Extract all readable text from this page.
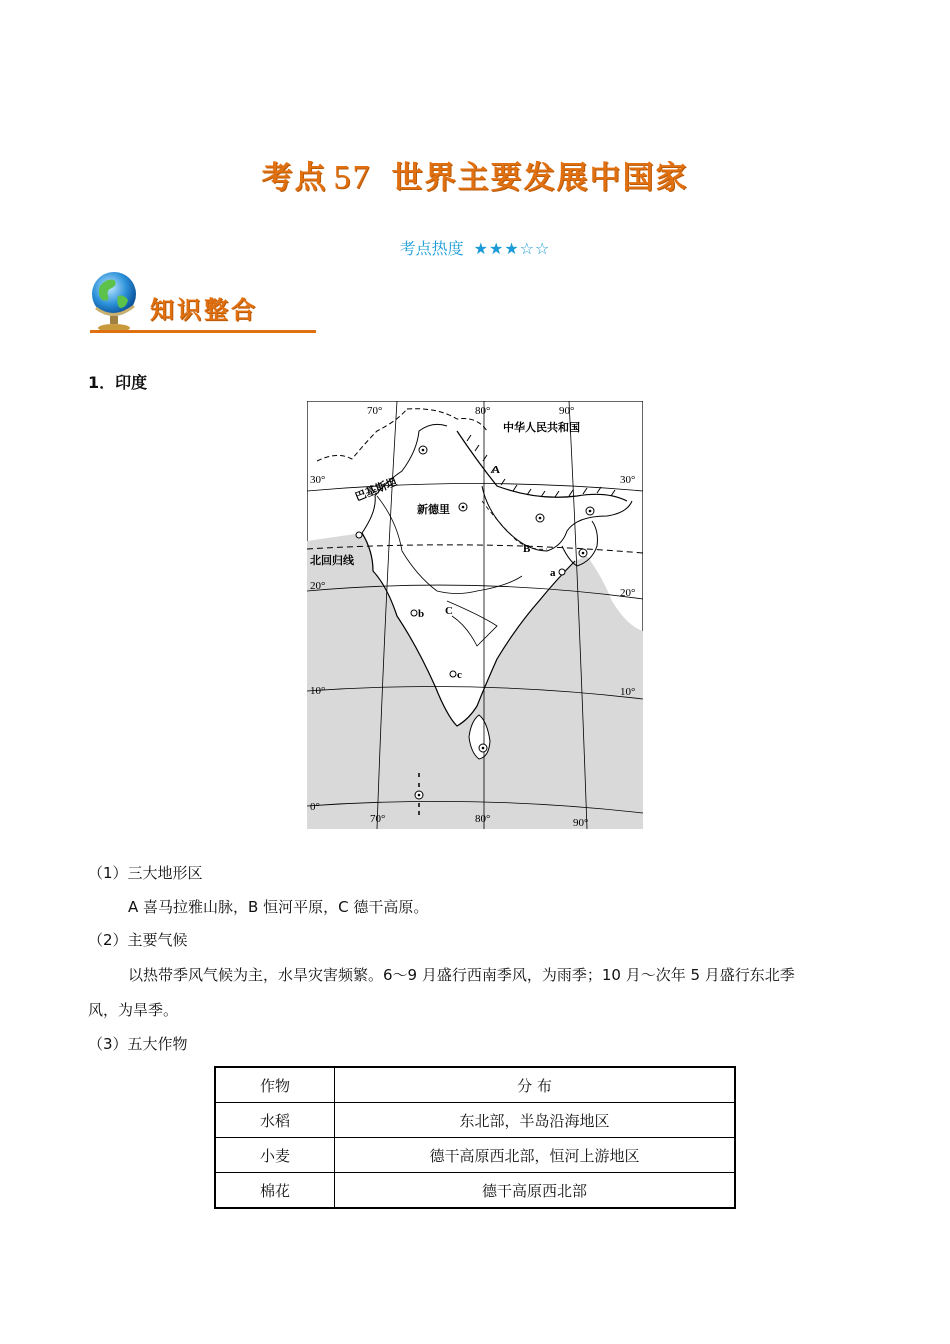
考点 57 世界主要发展中国家
考点热度 ★★★☆☆
知识整合
1．印度
70°	80°	90°
70°	80°	90°
30°
20°
10°
0°
30°
20°
10°
北回归线
中华人民共和国
巴基斯坦
新德里
A
B
C
a
b
c
（1）三大地形区
A 喜马拉雅山脉，B 恒河平原，C 德干高原。
（2）主要气候
以热带季风气候为主，水旱灾害频繁。6～9 月盛行西南季风，为雨季；10 月～次年 5 月盛行东北季
风，为旱季。
（3）五大作物
作物	分 布
水稻	东北部，半岛沿海地区
小麦	德干高原西北部，恒河上游地区
棉花	德干高原西北部
